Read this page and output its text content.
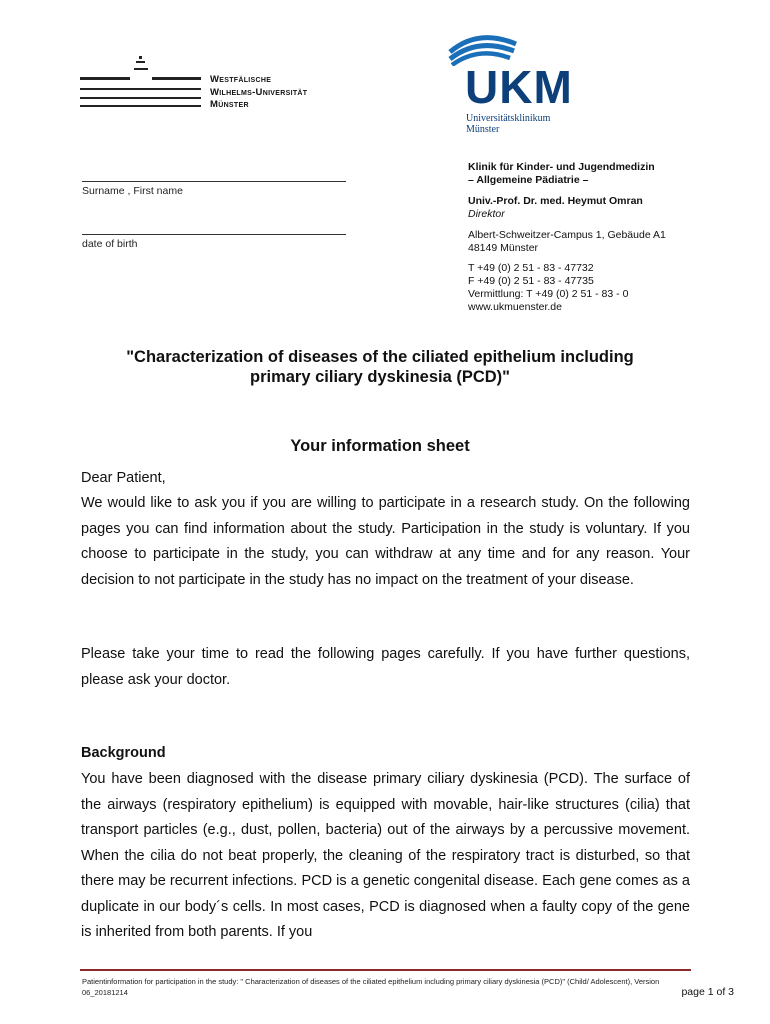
Westfälische
Wilhelms-Universität
Münster	UKM
Universitätsklinikum
Münster
Surname , First name
date of birth
Klinik für Kinder- und Jugendmedizin
– Allgemeine Pädiatrie –
Univ.-Prof. Dr. med. Heymut Omran
Direktor
Albert-Schweitzer-Campus 1, Gebäude A1
48149 Münster
T +49 (0) 2 51 - 83 - 47732
F +49 (0) 2 51 - 83 - 47735
Vermittlung: T +49 (0) 2 51 - 83 - 0
www.ukmuenster.de
"Characterization of diseases of the ciliated epithelium including
primary ciliary dyskinesia (PCD)"
Your information sheet
Dear Patient,
We would like to ask you if you are willing to participate in a research study. On the following pages you can find information about the study. Participation in the study is voluntary. If you choose to participate in the study, you can withdraw at any time and for any reason. Your decision to not participate in the study has no impact on the treatment of your disease.
Please take your time to read the following pages carefully. If you have further questions, please ask your doctor.
Background
You have been diagnosed with the disease primary ciliary dyskinesia (PCD). The surface of the airways (respiratory epithelium) is equipped with movable, hair-like structures (cilia) that transport particles (e.g., dust, pollen, bacteria) out of the airways by a percussive movement. When the cilia do not beat properly, the cleaning of the respiratory tract is disturbed, so that there may be recurrent infections. PCD is a genetic congenital disease. Each gene comes as a duplicate in our body´s cells. In most cases, PCD is diagnosed when a faulty copy of the gene is inherited from both parents. If you
Patientinformation for participation in the study: " Characterization of diseases of the ciliated epithelium including primary ciliary dyskinesia (PCD)" (Child/ Adolescent), Version
06_20181214	page 1 of 3
